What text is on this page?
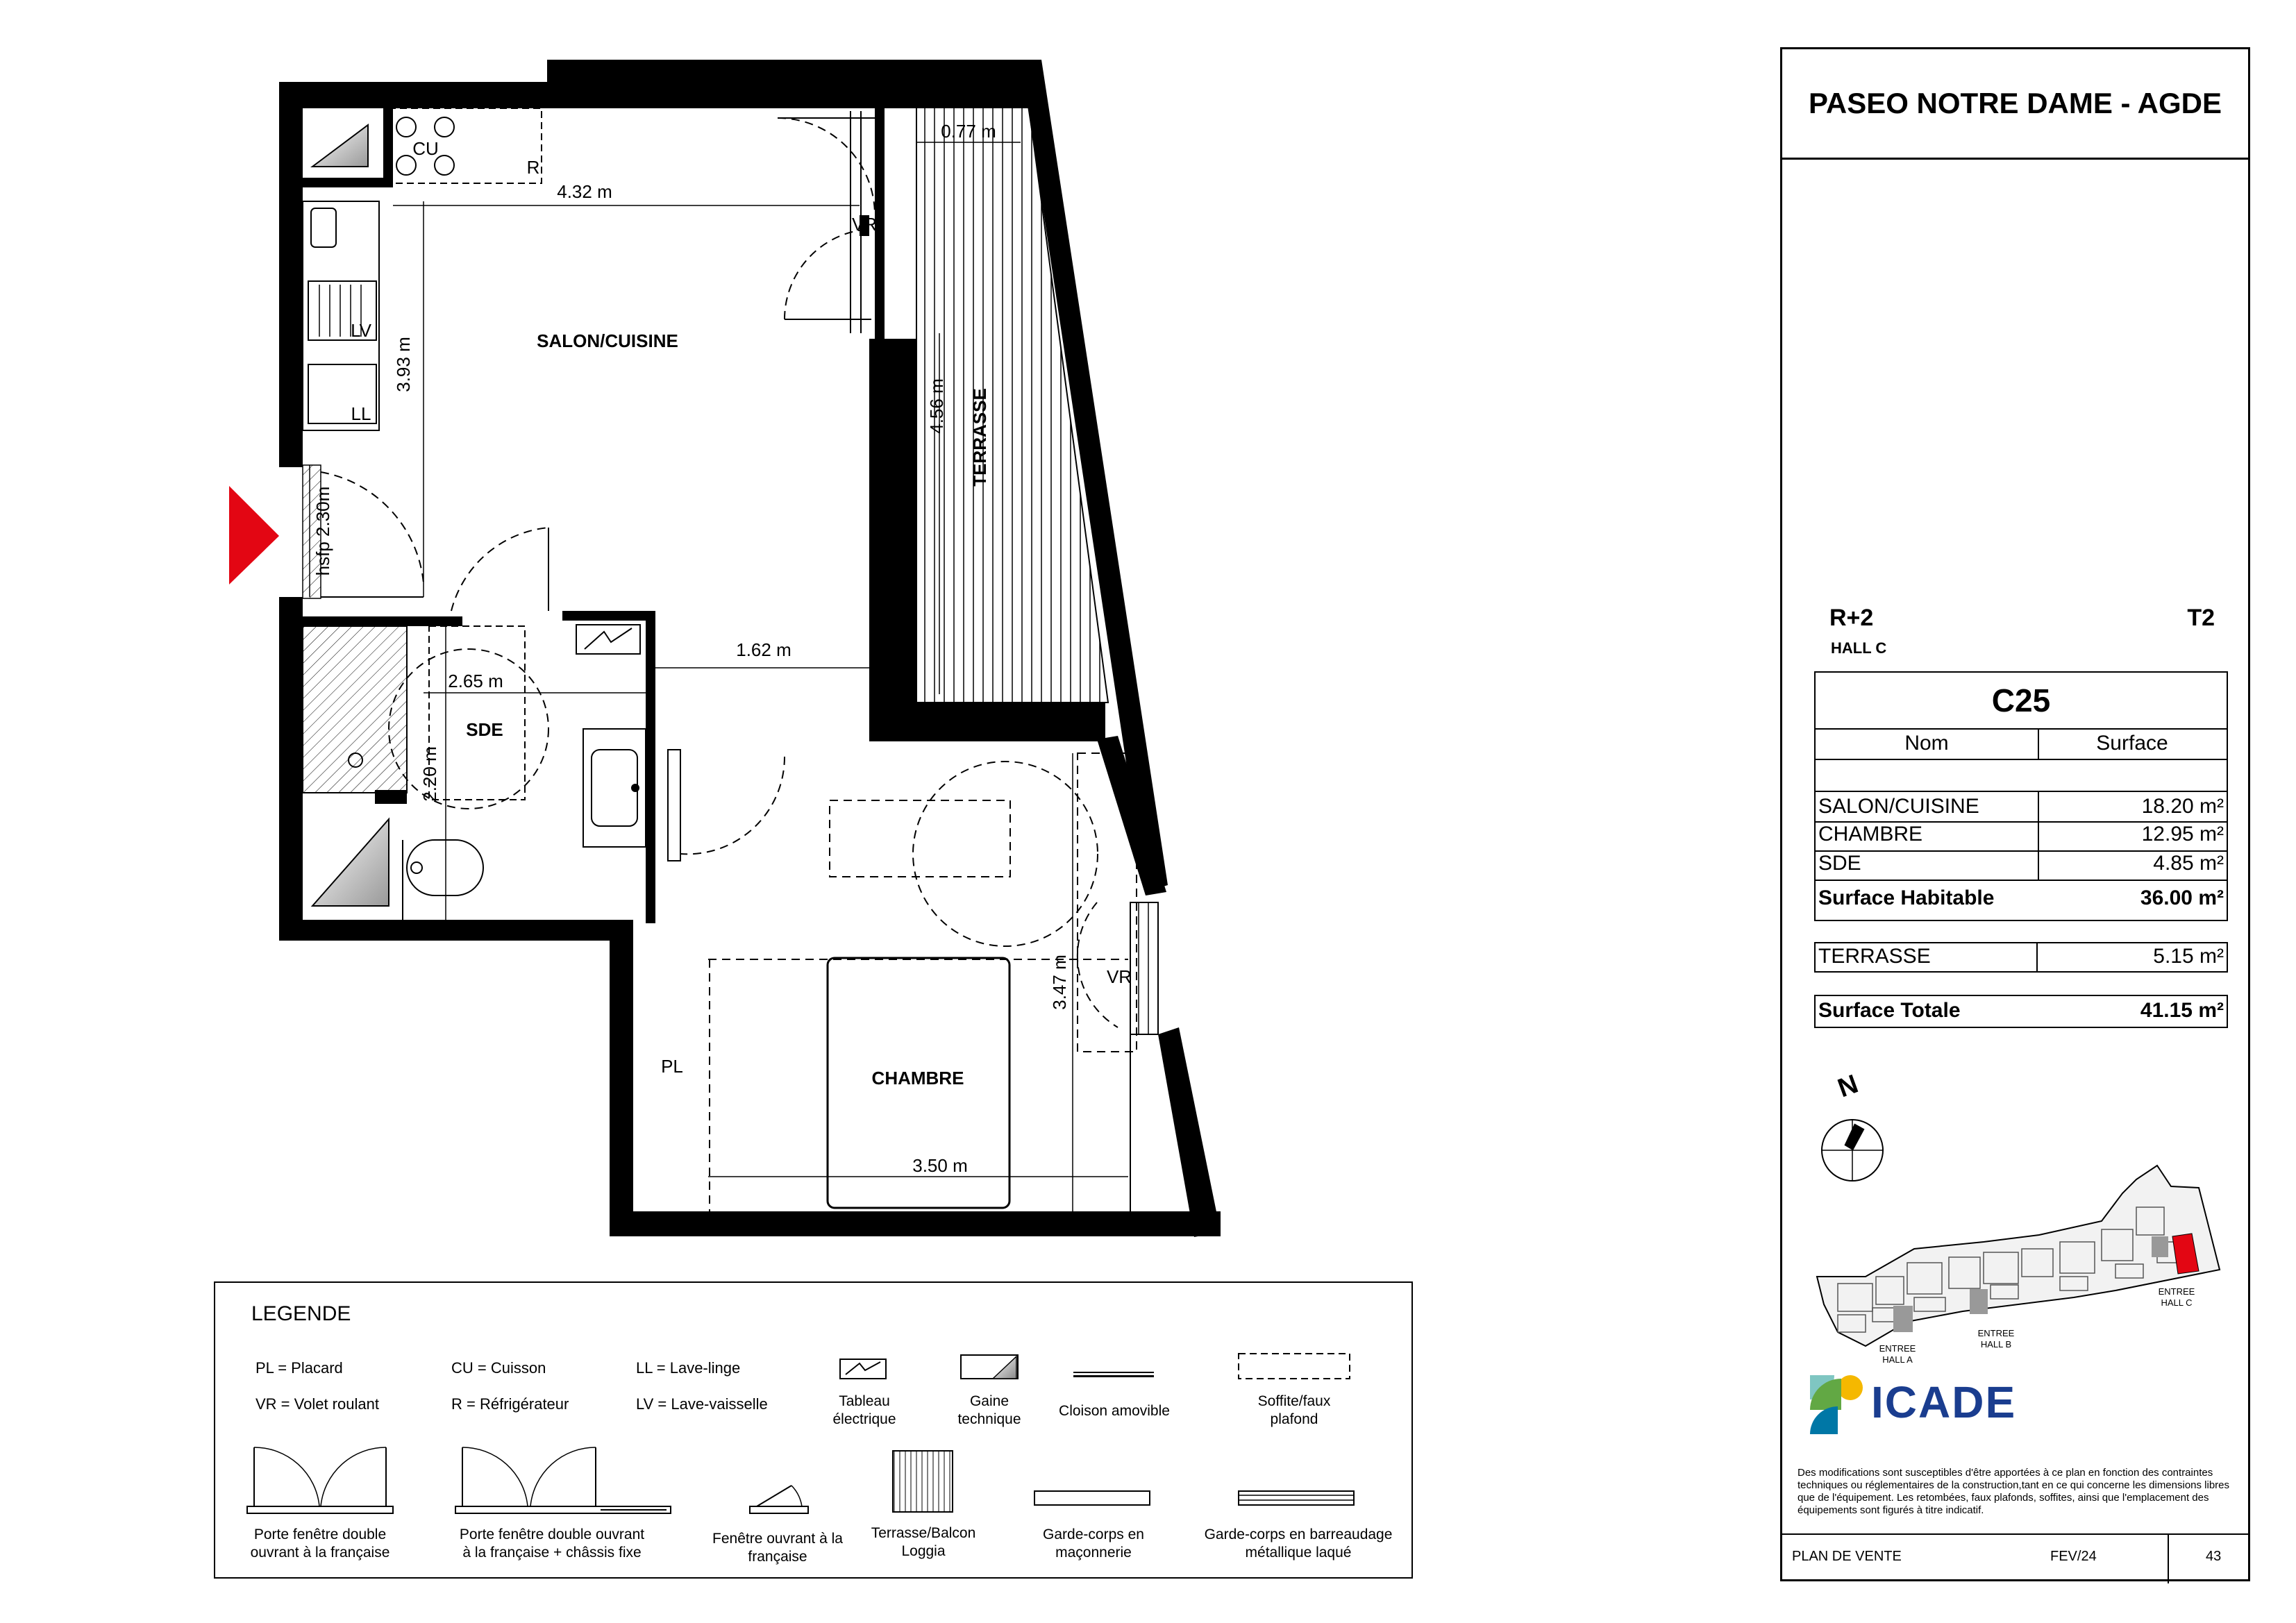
SALON/CUISINE
TERRASSE
SDE
CHAMBRE
PL
CU
R
LV
LL
VR
VR
4.32 m
0.77 m
3.93 m
4.56 m
hsfp 2.30m
1.62 m
2.65 m
2.20 m
3.47 m
3.50 m
LEGENDE
PL = Placard	CU = Cuisson	LL = Lave-linge
VR = Volet roulant	R = Réfrigérateur	LV = Lave-vaisselle	Tableau
électrique
Gaine
technique
Cloison amovible
Soffite/faux
plafond
Porte fenêtre double
ouvrant à la française
Porte fenêtre double ouvrant
à la française + châssis fixe
Fenêtre ouvrant à la
française
Terrasse/Balcon
Loggia
Garde-corps en
maçonnerie
Garde-corps en barreaudage
métallique laqué
PASEO NOTRE DAME - AGDE
R+2
HALL C
T2
C25
Nom	Surface
SALON/CUISINE	18.20 m²
CHAMBRE	12.95 m²
SDE	4.85 m²
Surface Habitable	36.00 m²
TERRASSE	5.15 m²
Surface Totale	41.15 m²
N
ENTREE
HALL A
ENTREE
HALL B
ENTREE
HALL C
ICADE
Des modifications sont susceptibles d'être apportées à ce plan en fonction des contraintes techniques ou réglementaires de la construction,tant en ce qui concerne les dimensions libres que de l'équipement. Les retombées, faux plafonds, soffites, ainsi que l'emplacement des équipements sont figurés à titre indicatif.
PLAN DE VENTE	FEV/24	43
